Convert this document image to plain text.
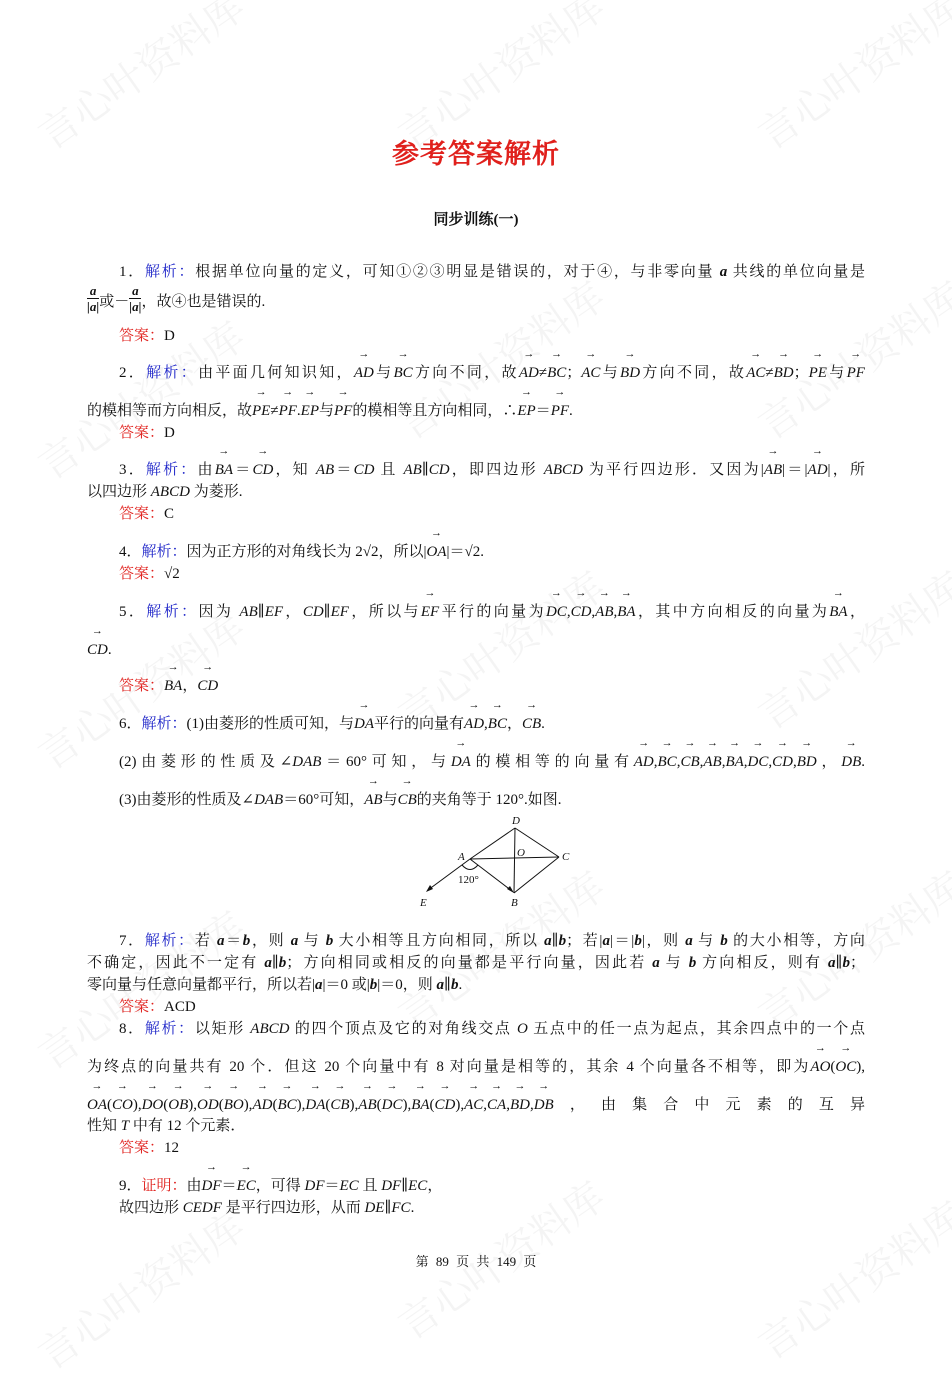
参考答案解析
同步训练(一)
1．解析：根据单位向量的定义，可知①②③明显是错误的，对于④，与非零向量 a 共线的单位向量是
$\frac{a}{|a|}$ 或－ $\frac{a}{|a|}$ ，故④也是错误的.
答案：D
2．解析：由平面几何知识知，→ AD与→ BC方向不同，故→ AD≠→ BC；→ AC与→ BD方向不同，故→ AC≠→ BD；→ PE与→ PF
的模相等而方向相反，故→ PE≠→ PF.→ EP与→ PF的模相等且方向相同，∴→ EP＝→ PF.
答案：D
3．解析：由→ BA＝→ CD，知 AB＝CD 且 AB∥CD，即四边形 ABCD 为平行四边形．又因为|→ AB|＝|→ AD|，所
以四边形 ABCD 为菱形.
答案：C
4．解析：因为正方形的对角线长为 2√2，所以|→ OA|＝√2.
答案：√2
5．解析：因为 AB∥EF，CD∥EF，所以与→ EF平行的向量为→ DC,→ CD,→ AB,→ BA，其中方向相反的向量为→ BA，
→ CD.
答案：→ BA，→ CD
6．解析：(1)由菱形的性质可知，与→ DA平行的向量有→ AD,→ BC，→ CB.
(2)由菱形的性质及∠DAB＝60°可知，与→ DA的模相等的向量有→ AD,→ BC,→ CB,→ AB,→ BA,→ DC,→ CD,→ BD，→ DB.
(3)由菱形的性质及∠DAB＝60°可知，→ AB与→ CB的夹角等于 120°.如图.
7．解析：若 a＝b，则 a 与 b 大小相等且方向相同，所以 a∥b；若|a|＝|b|，则 a 与 b 的大小相等，方向
不确定，因此不一定有 a∥b；方向相同或相反的向量都是平行向量，因此若 a 与 b 方向相反，则有 a∥b；
零向量与任意向量都平行，所以若|a|＝0 或|b|＝0，则 a∥b.
答案：ACD
8．解析：以矩形 ABCD 的四个顶点及它的对角线交点 O 五点中的任一点为起点，其余四点中的一个点
为终点的向量共有 20 个．但这 20 个向量中有 8 对向量是相等的，其余 4 个向量各不相等，即为→ AO(→ OC),
→ OA(→ CO),→ DO(→ OB),→ OD(→ BO),→ AD(→ BC),→ DA(→ CB),→ AB(→ DC),→ BA(→ CD),→ AC,→ CA,→ BD,→ DB，由集合中元素的互异
性知 T 中有 12 个元素．
答案：12
9．证明：由→ DF＝→ EC，可得 DF＝EC 且 DF∥EC，
故四边形 CEDF 是平行四边形，从而 DE∥FC.
D
O
A	C
B
E
120°
第 89 页 共 149 页
